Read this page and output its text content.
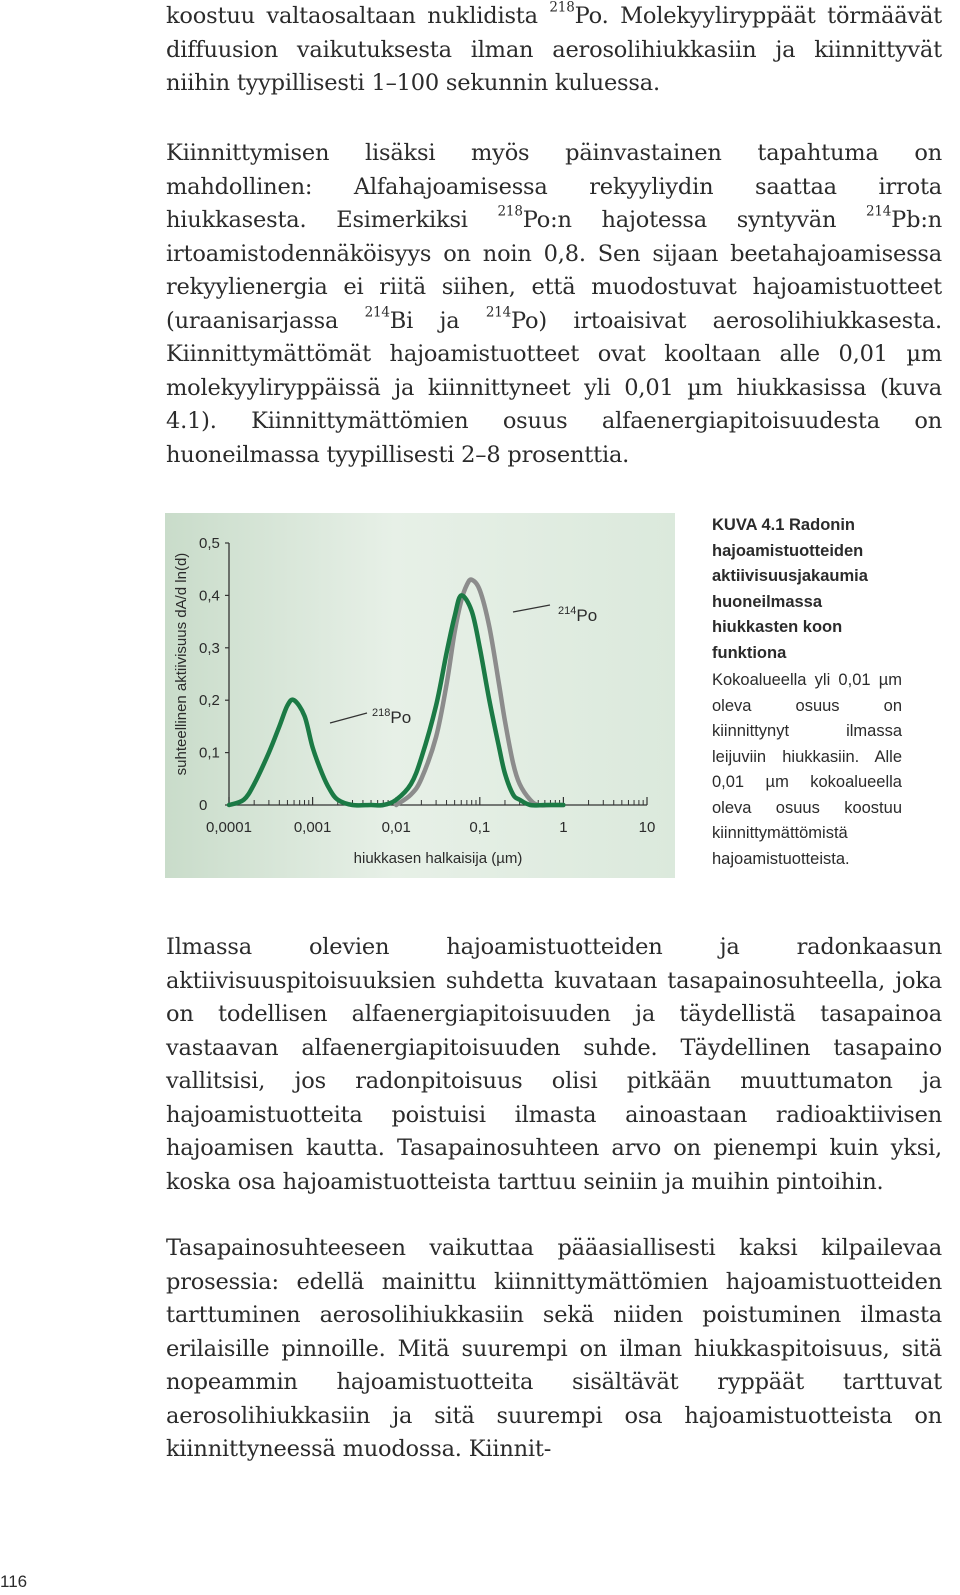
koostuu valtaosaltaan nuklidista $^{218}$Po. Molekyyliryppäät törmäävät diffuusion vaikutuksesta ilman aerosolihiukkasiin ja kiinnittyvät niihin tyypillisesti 1–100 sekunnin kuluessa.

Kiinnittymisen lisäksi myös päinvastainen tapahtuma on mahdollinen: Alfahajoamisessa rekyyliydin saattaa irrota hiukkasesta. Esimerkiksi $^{218}$Po:n hajotessa syntyvän $^{214}$Pb:n irtoamistodennäköisyys on noin 0,8. Sen sijaan beetahajoamisessa rekyylienergia ei riitä siihen, että muodostuvat hajoamistuotteet (uraanisarjassa $^{214}$Bi ja $^{214}$Po) irtoaisivat aerosolihiukkasesta. Kiinnittymättömät hajoamistuotteet ovat kooltaan alle 0,01 µm molekyyliryppäissä ja kiinnittyneet yli 0,01 µm hiukkasissa (kuva 4.1). Kiinnittymättömien osuus alfaenergiapitoisuudesta on huoneilmassa tyypillisesti 2–8 prosenttia.

0
0,1
0,2
0,3
0,4
0,5
0,0001	0,001	0,01	0,1	1	10
hiukkasen halkaisija (µm)
suhteellinen aktiivisuus dA/d ln(d)	$^{218}$Po
$^{214}$Po
KUVA 4.1 Radonin hajoamistuotteiden aktiivisuusjakaumia huoneilmassa hiukkasten koon funktiona
Kokoalueella yli 0,01 µm oleva osuus on kiinnittynyt ilmassa leijuviin hiukkasiin. Alle 0,01 µm kokoalueella oleva osuus koostuu kiinnittymättömistä hajoamistuotteista.

Ilmassa olevien hajoamistuotteiden ja radonkaasun aktiivisuuspitoisuuksien suhdetta kuvataan tasapainosuhteella, joka on todellisen alfaenergiapitoisuuden ja täydellistä tasapainoa vastaavan alfaenergiapitoisuuden suhde. Täydellinen tasapaino vallitsisi, jos radonpitoisuus olisi pitkään muuttumaton ja hajoamistuotteita poistuisi ilmasta ainoastaan radioaktiivisen hajoamisen kautta. Tasapainosuhteen arvo on pienempi kuin yksi, koska osa hajoamistuotteista tarttuu seiniin ja muihin pintoihin.

Tasapainosuhteeseen vaikuttaa pääasiallisesti kaksi kilpailevaa prosessia: edellä mainittu kiinnittymättömien hajoamistuotteiden tarttuminen aerosolihiukkasiin sekä niiden poistuminen ilmasta erilaisille pinnoille. Mitä suurempi on ilman hiukkaspitoisuus, sitä nopeammin hajoamistuotteita sisältävät ryppäät tarttuvat aerosolihiukkasiin ja sitä suurempi osa hajoamistuotteista on kiinnittyneessä muodossa. Kiinnit-

116
